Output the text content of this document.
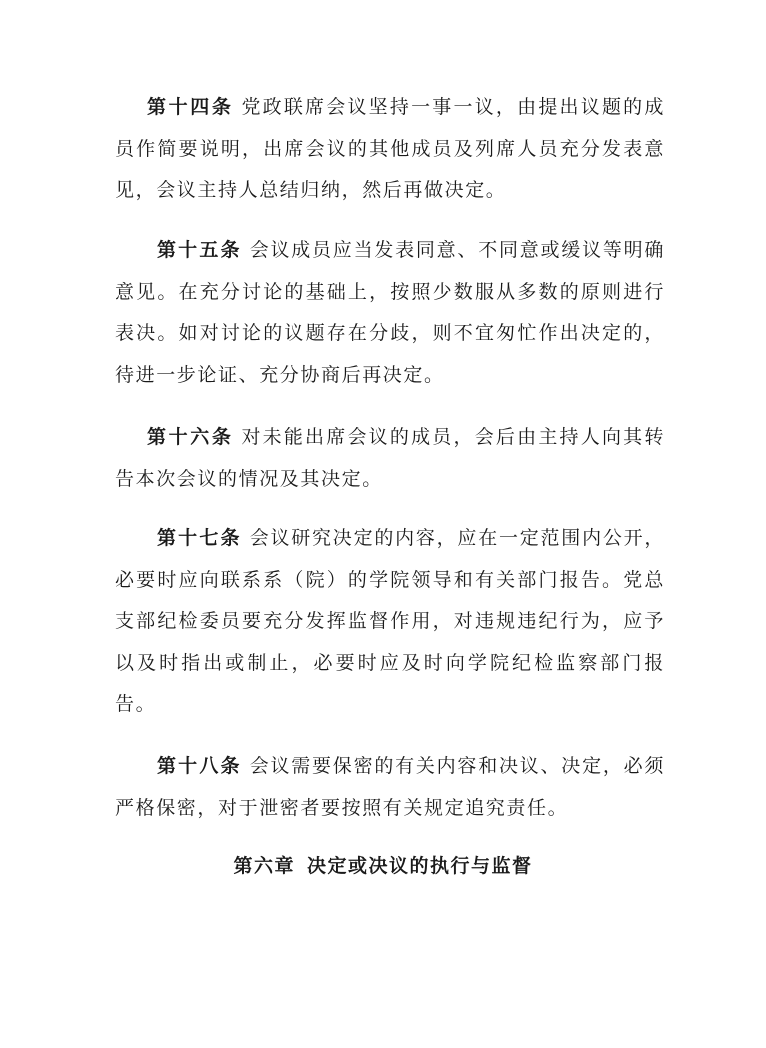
第十四条 党政联席会议坚持一事一议，由提出议题的成员作简要说明，出席会议的其他成员及列席人员充分发表意见，会议主持人总结归纳，然后再做决定。

第十五条 会议成员应当发表同意、不同意或缓议等明确意见。在充分讨论的基础上，按照少数服从多数的原则进行表决。如对讨论的议题存在分歧，则不宜匆忙作出决定的，待进一步论证、充分协商后再决定。

第十六条 对未能出席会议的成员，会后由主持人向其转告本次会议的情况及其决定。

第十七条 会议研究决定的内容，应在一定范围内公开，必要时应向联系系（院）的学院领导和有关部门报告。党总支部纪检委员要充分发挥监督作用，对违规违纪行为，应予以及时指出或制止，必要时应及时向学院纪检监察部门报告。

第十八条 会议需要保密的有关内容和决议、决定，必须严格保密，对于泄密者要按照有关规定追究责任。

第六章 决定或决议的执行与监督
